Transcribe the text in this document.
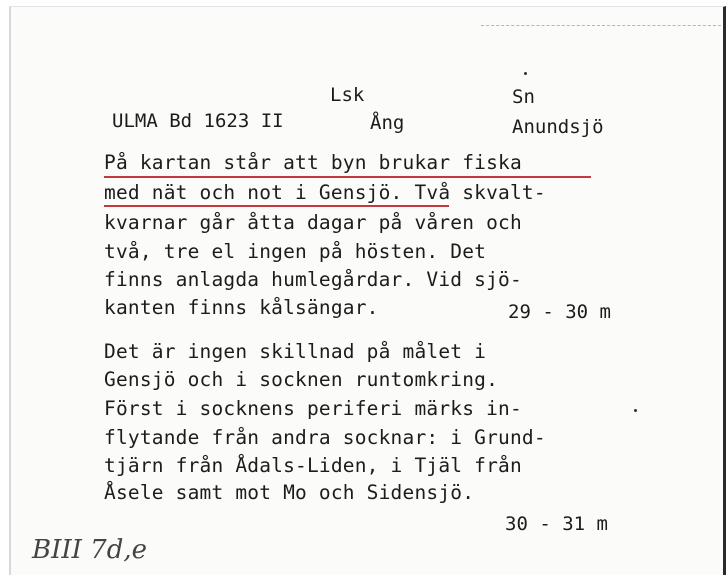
Lsk	Sn
ULMA Bd 1623 II	Ång	Anundsjö
På kartan står att byn brukar fiska
med nät och not i Gensjö. Två skvalt-
kvarnar går åtta dagar på våren och
två, tre el ingen på hösten. Det
finns anlagda humlegårdar. Vid sjö-
kanten finns kålsängar.	29 - 30 m
Det är ingen skillnad på målet i
Gensjö och i socknen runtomkring.
Först i socknens periferi märks in-
flytande från andra socknar: i Grund-
tjärn från Ådals-Liden, i Tjäl från
Åsele samt mot Mo och Sidensjö.
30 - 31 m
BIII 7d,e
